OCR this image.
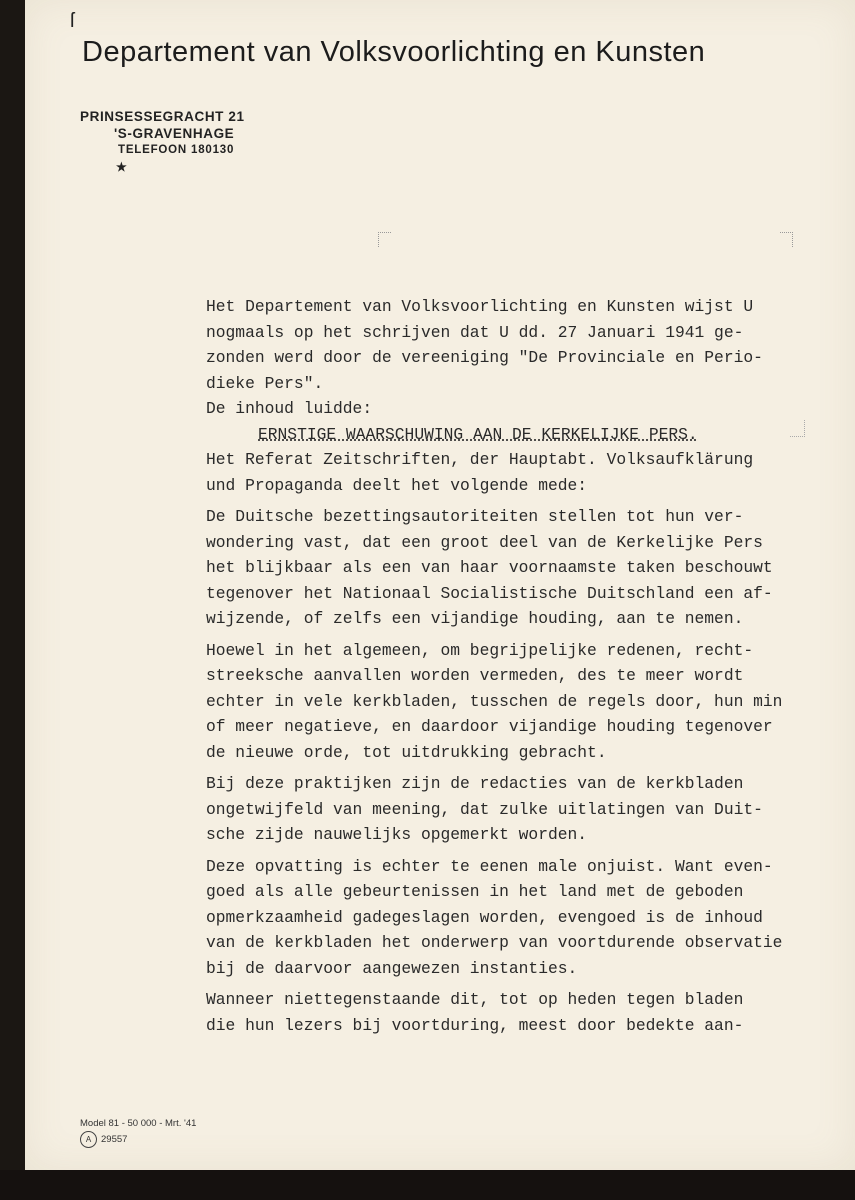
ſ
Departement van Volksvoorlichting en Kunsten
PRINSESSEGRACHT 21
'S-GRAVENHAGE
TELEFOON 180130
★
Het Departement van Volksvoorlichting en Kunsten wijst U
nogmaals op het schrijven dat U dd. 27 Januari 1941 ge-
zonden werd door de vereeniging "De Provinciale en Perio-
dieke Pers".
De inhoud luidde:
ERNSTIGE WAARSCHUWING AAN DE KERKELIJKE PERS.
Het Referat Zeitschriften, der Hauptabt. Volksaufklärung
und Propaganda deelt het volgende mede:
De Duitsche bezettingsautoriteiten stellen tot hun ver-
wondering vast, dat een groot deel van de Kerkelijke Pers
het blijkbaar als een van haar voornaamste taken beschouwt
tegenover het Nationaal Socialistische Duitschland een af-
wijzende, of zelfs een vijandige houding, aan te nemen.
Hoewel in het algemeen, om begrijpelijke redenen, recht-
streeksche aanvallen worden vermeden, des te meer wordt
echter in vele kerkbladen, tusschen de regels door, hun min
of meer negatieve, en daardoor vijandige houding tegenover
de nieuwe orde, tot uitdrukking gebracht.
Bij deze praktijken zijn de redacties van de kerkbladen
ongetwijfeld van meening, dat zulke uitlatingen van Duit-
sche zijde nauwelijks opgemerkt worden.
Deze opvatting is echter te eenen male onjuist. Want even-
goed als alle gebeurtenissen in het land met de geboden
opmerkzaamheid gadegeslagen worden, evengoed is de inhoud
van de kerkbladen het onderwerp van voortdurende observatie
bij de daarvoor aangewezen instanties.
Wanneer niettegenstaande dit, tot op heden tegen bladen
die hun lezers bij voortduring, meest door bedekte aan-
Model 81 - 50 000 - Mrt. '41
A 29557
